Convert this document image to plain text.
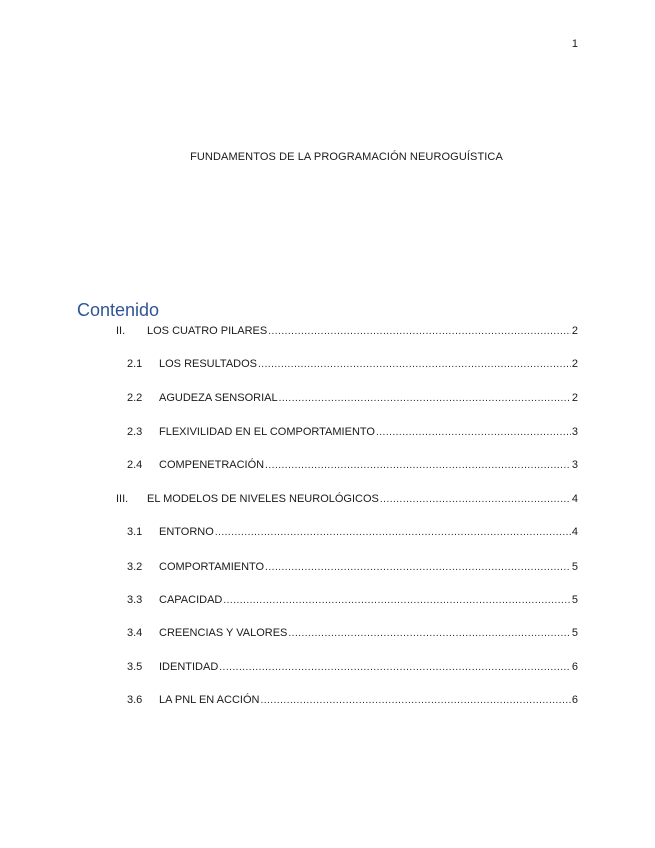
1
FUNDAMENTOS DE LA PROGRAMACIÓN NEUROGUÍSTICA
Contenido
II.	LOS CUATRO PILARES .....	2
2.1	LOS RESULTADOS .....	2
2.2	AGUDEZA SENSORIAL .....	2
2.3	FLEXIVILIDAD EN EL COMPORTAMIENTO .....	3
2.4	COMPENETRACIÓN .....	3
III.	EL MODELOS DE NIVELES NEUROLÓGICOS .....	4
3.1	ENTORNO .....	4
3.2	COMPORTAMIENTO .....	5
3.3	CAPACIDAD .....	5
3.4	CREENCIAS Y VALORES .....	5
3.5	IDENTIDAD .....	6
3.6	LA PNL EN ACCIÓN .....	6
